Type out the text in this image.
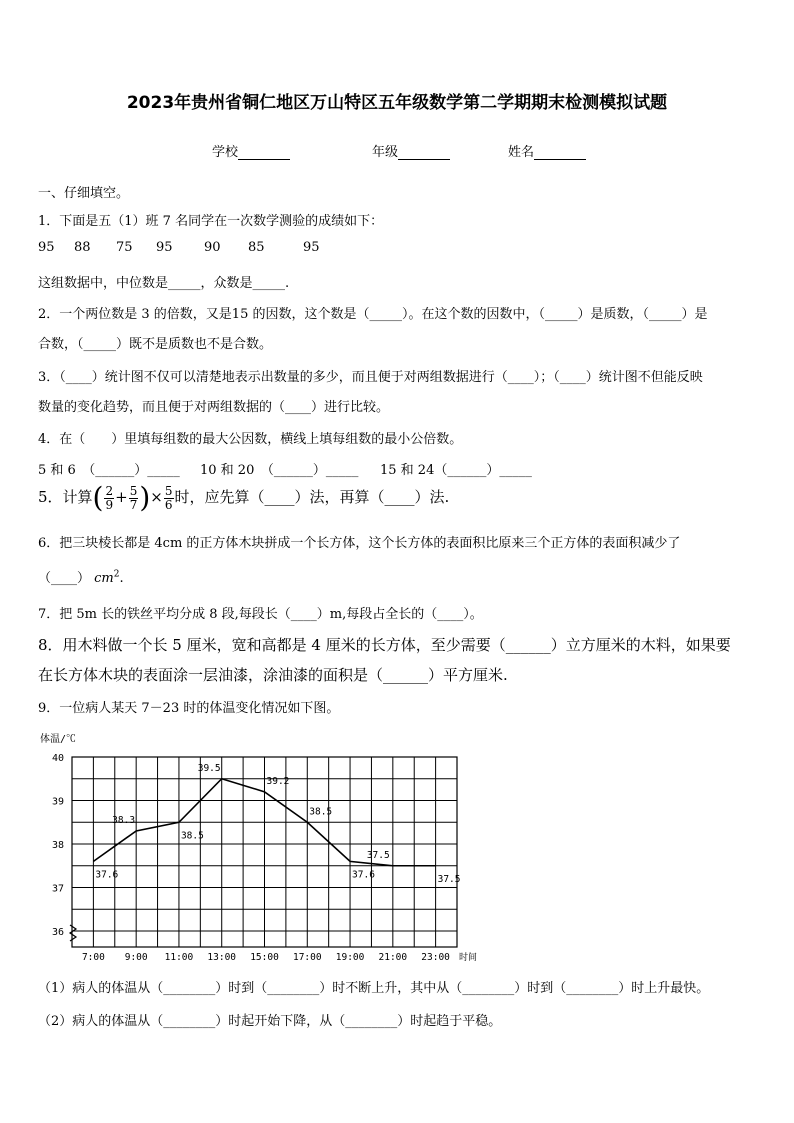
2023年贵州省铜仁地区万山特区五年级数学第二学期期末检测模拟试题
学校	年级	姓名
一、仔细填空。
1．下面是五（1）班 7 名同学在一次数学测验的成绩如下：
95 88 75 95 90 85	95
这组数据中，中位数是_____，众数是_____.
2．一个两位数是 3 的倍数，又是15 的因数，这个数是（_____）。在这个数的因数中，（_____）是质数，（_____）是
合数，（_____）既不是质数也不是合数。
3．（____）统计图不仅可以清楚地表示出数量的多少，而且便于对两组数据进行（____）；（____）统计图不但能反映
数量的变化趋势，而且便于对两组数据的（____）进行比较。
4．在（　　）里填每组数的最大公因数，横线上填每组数的最小公倍数。
5 和 6　（______）_____ 10 和 20　（______）_____ 15 和 24（______）_____
5．计算( $\frac{2}{9} + \frac{5}{7}$ )× $\frac{5}{6}$ 时，应先算（____）法，再算（____）法.
6．把三块棱长都是 4cm 的正方体木块拼成一个长方体，这个长方体的表面积比原来三个正方体的表面积减少了
（____） $cm^2$.
7．把 5m 长的铁丝平均分成 8 段,每段长（____）m,每段占全长的（____）。
8．用木料做一个长 5 厘米，宽和高都是 4 厘米的长方体，至少需要（______）立方厘米的木料，如果要
在长方体木块的表面涂一层油漆，涂油漆的面积是（______）平方厘米.
9．一位病人某天 7－23 时的体温变化情况如下图。
40
39
38
37
36
体温/℃
7:00 9:00 11:00 13:00 15:00 17:00 19:00 21:00 23:00 时间
37.6
38.3
38.5
39.5
39.2
38.5
37.6
37.5
37.5
（1）病人的体温从（________）时到（________）时不断上升，其中从（________）时到（________）时上升最快。
（2）病人的体温从（________）时起开始下降，从（________）时起趋于平稳。
